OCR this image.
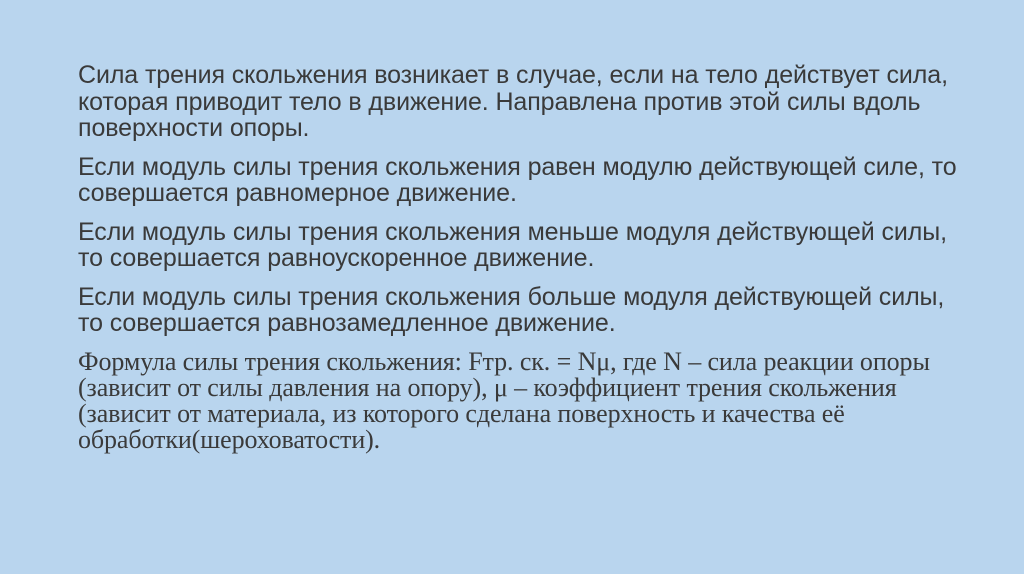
Сила трения скольжения возникает в случае, если на тело действует сила, которая приводит тело в движение. Направлена против этой силы вдоль поверхности опоры.

Если модуль силы трения скольжения равен модулю действующей силе, то совершается равномерное движение.

Если модуль силы трения скольжения меньше модуля действующей силы, то совершается равноускоренное движение.

Если модуль силы трения скольжения больше модуля действующей силы, то совершается равнозамедленное движение.

Формула силы трения скольжения: Fтр. ск. = Nμ, где N – сила реакции опоры (зависит от силы давления на опору), μ – коэффициент трения скольжения (зависит от материала, из которого сделана поверхность и качества её обработки(шероховатости).
